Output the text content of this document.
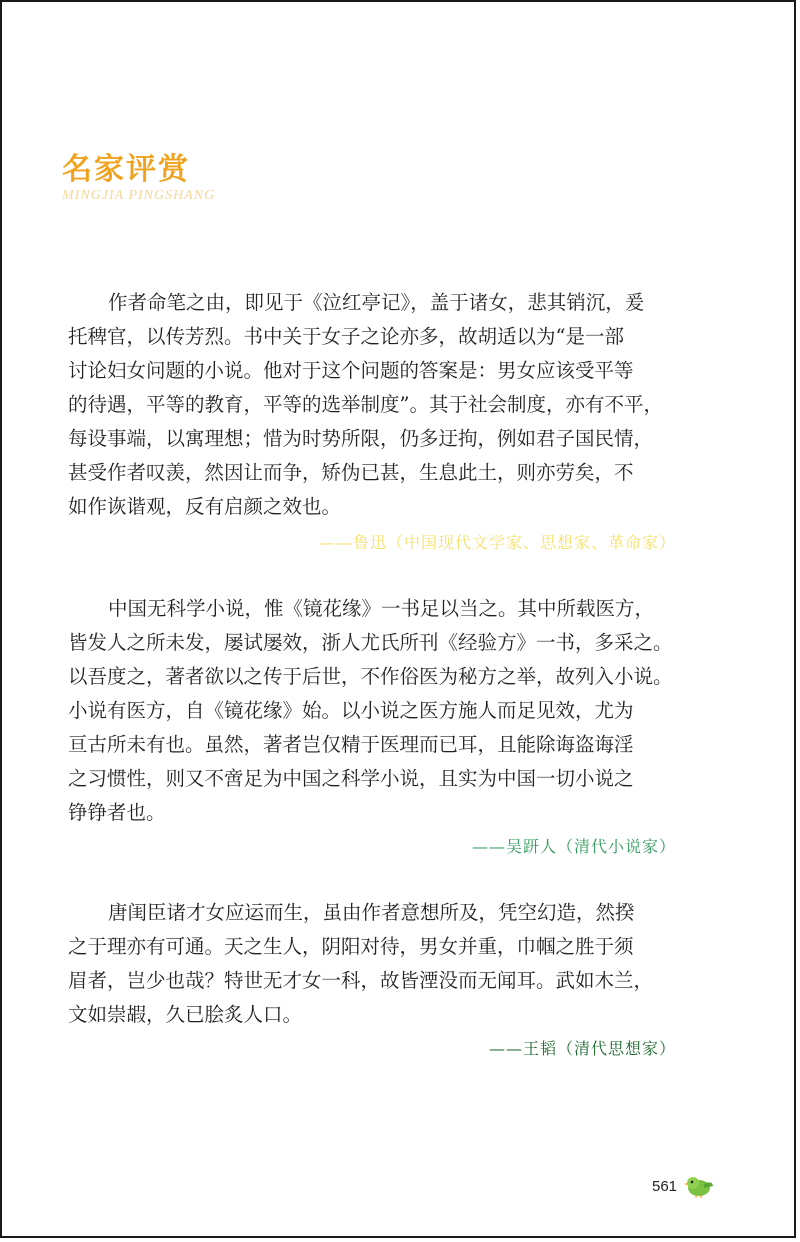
名家评赏
MINGJIA PINGSHANG

作者命笔之由，即见于《泣红亭记》，盖于诸女，悲其销沉，爰
托稗官，以传芳烈。书中关于女子之论亦多，故胡适以为“是一部
讨论妇女问题的小说。他对于这个问题的答案是：男女应该受平等
的待遇，平等的教育，平等的选举制度”。其于社会制度，亦有不平，
每设事端，以寓理想；惜为时势所限，仍多迂拘，例如君子国民情，
甚受作者叹羡，然因让而争，矫伪已甚，生息此土，则亦劳矣，不
如作诙谐观，反有启颜之效也。

——鲁迅（中国现代文学家、思想家、革命家）

中国无科学小说，惟《镜花缘》一书足以当之。其中所载医方，
皆发人之所未发，屡试屡效，浙人尤氏所刊《经验方》一书，多采之。
以吾度之，著者欲以之传于后世，不作俗医为秘方之举，故列入小说。
小说有医方，自《镜花缘》始。以小说之医方施人而足见效，尤为
亘古所未有也。虽然，著者岂仅精于医理而已耳，且能除诲盗诲淫
之习惯性，则又不啻足为中国之科学小说，且实为中国一切小说之
铮铮者也。

——吴趼人（清代小说家）

唐闺臣诸才女应运而生，虽由作者意想所及，凭空幻造，然揆
之于理亦有可通。天之生人，阴阳对待，男女并重，巾帼之胜于须
眉者，岂少也哉？特世无才女一科，故皆湮没而无闻耳。武如木兰，
文如崇嘏，久已脍炙人口。

——王韬（清代思想家）
561
